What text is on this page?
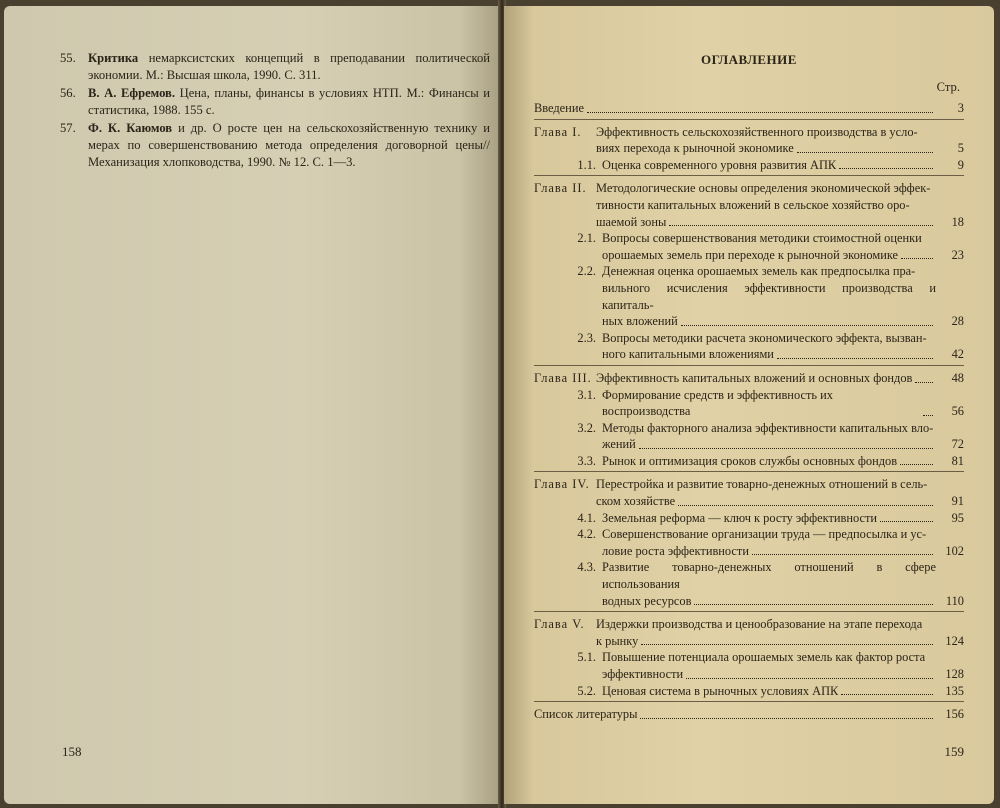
55. Критика немарксистских концепций в преподавании политической экономии. М.: Высшая школа, 1990. С. 311.
56. В. А. Ефремов. Цена, планы, финансы в условиях НТП. М.: Финансы и статистика, 1988. 155 с.
57. Ф. К. Каюмов и др. О росте цен на сельскохозяйственную технику и мерах по совершенствованию метода определения договорной цены// Механизация хлопководства, 1990. № 12. С. 1—3.
158
ОГЛАВЛЕНИЕ
Стр.
Введение	3
Глава I.	Эффективность сельскохозяйственного производства в усло-
виях перехода к рыночной экономике	5
1.1. Оценка современного уровня развития АПК	9
Глава II. Методологические основы определения экономической эффек-
тивности капитальных вложений в сельское хозяйство оро-
шаемой зоны	18
2.1. Вопросы совершенствования методики стоимостной оценки
орошаемых земель при переходе к рыночной экономике	23
2.2. Денежная оценка орошаемых земель как предпосылка пра-
вильного исчисления эффективности производства и капиталь-
ных вложений	28
2.3. Вопросы методики расчета экономического эффекта, вызван-
ного капитальными вложениями	42
Глава III. Эффективность капитальных вложений и основных фондов	48
3.1. Формирование средств и эффективность их воспроизводства	56
3.2. Методы факторного анализа эффективности капитальных вло-
жений	72
3.3. Рынок и оптимизация сроков службы основных фондов	81
Глава IV. Перестройка и развитие товарно-денежных отношений в сель-
ском хозяйстве	91
4.1. Земельная реформа — ключ к росту эффективности	95
4.2. Совершенствование организации труда — предпосылка и ус-
ловие роста эффективности	102
4.3. Развитие товарно-денежных отношений в сфере использования
водных ресурсов	110
Глава V. Издержки производства и ценообразование на этапе перехода
к рынку	124
5.1. Повышение потенциала орошаемых земель как фактор роста
эффективности	128
5.2. Ценовая система в рыночных условиях АПК	135
Список литературы	156
159
